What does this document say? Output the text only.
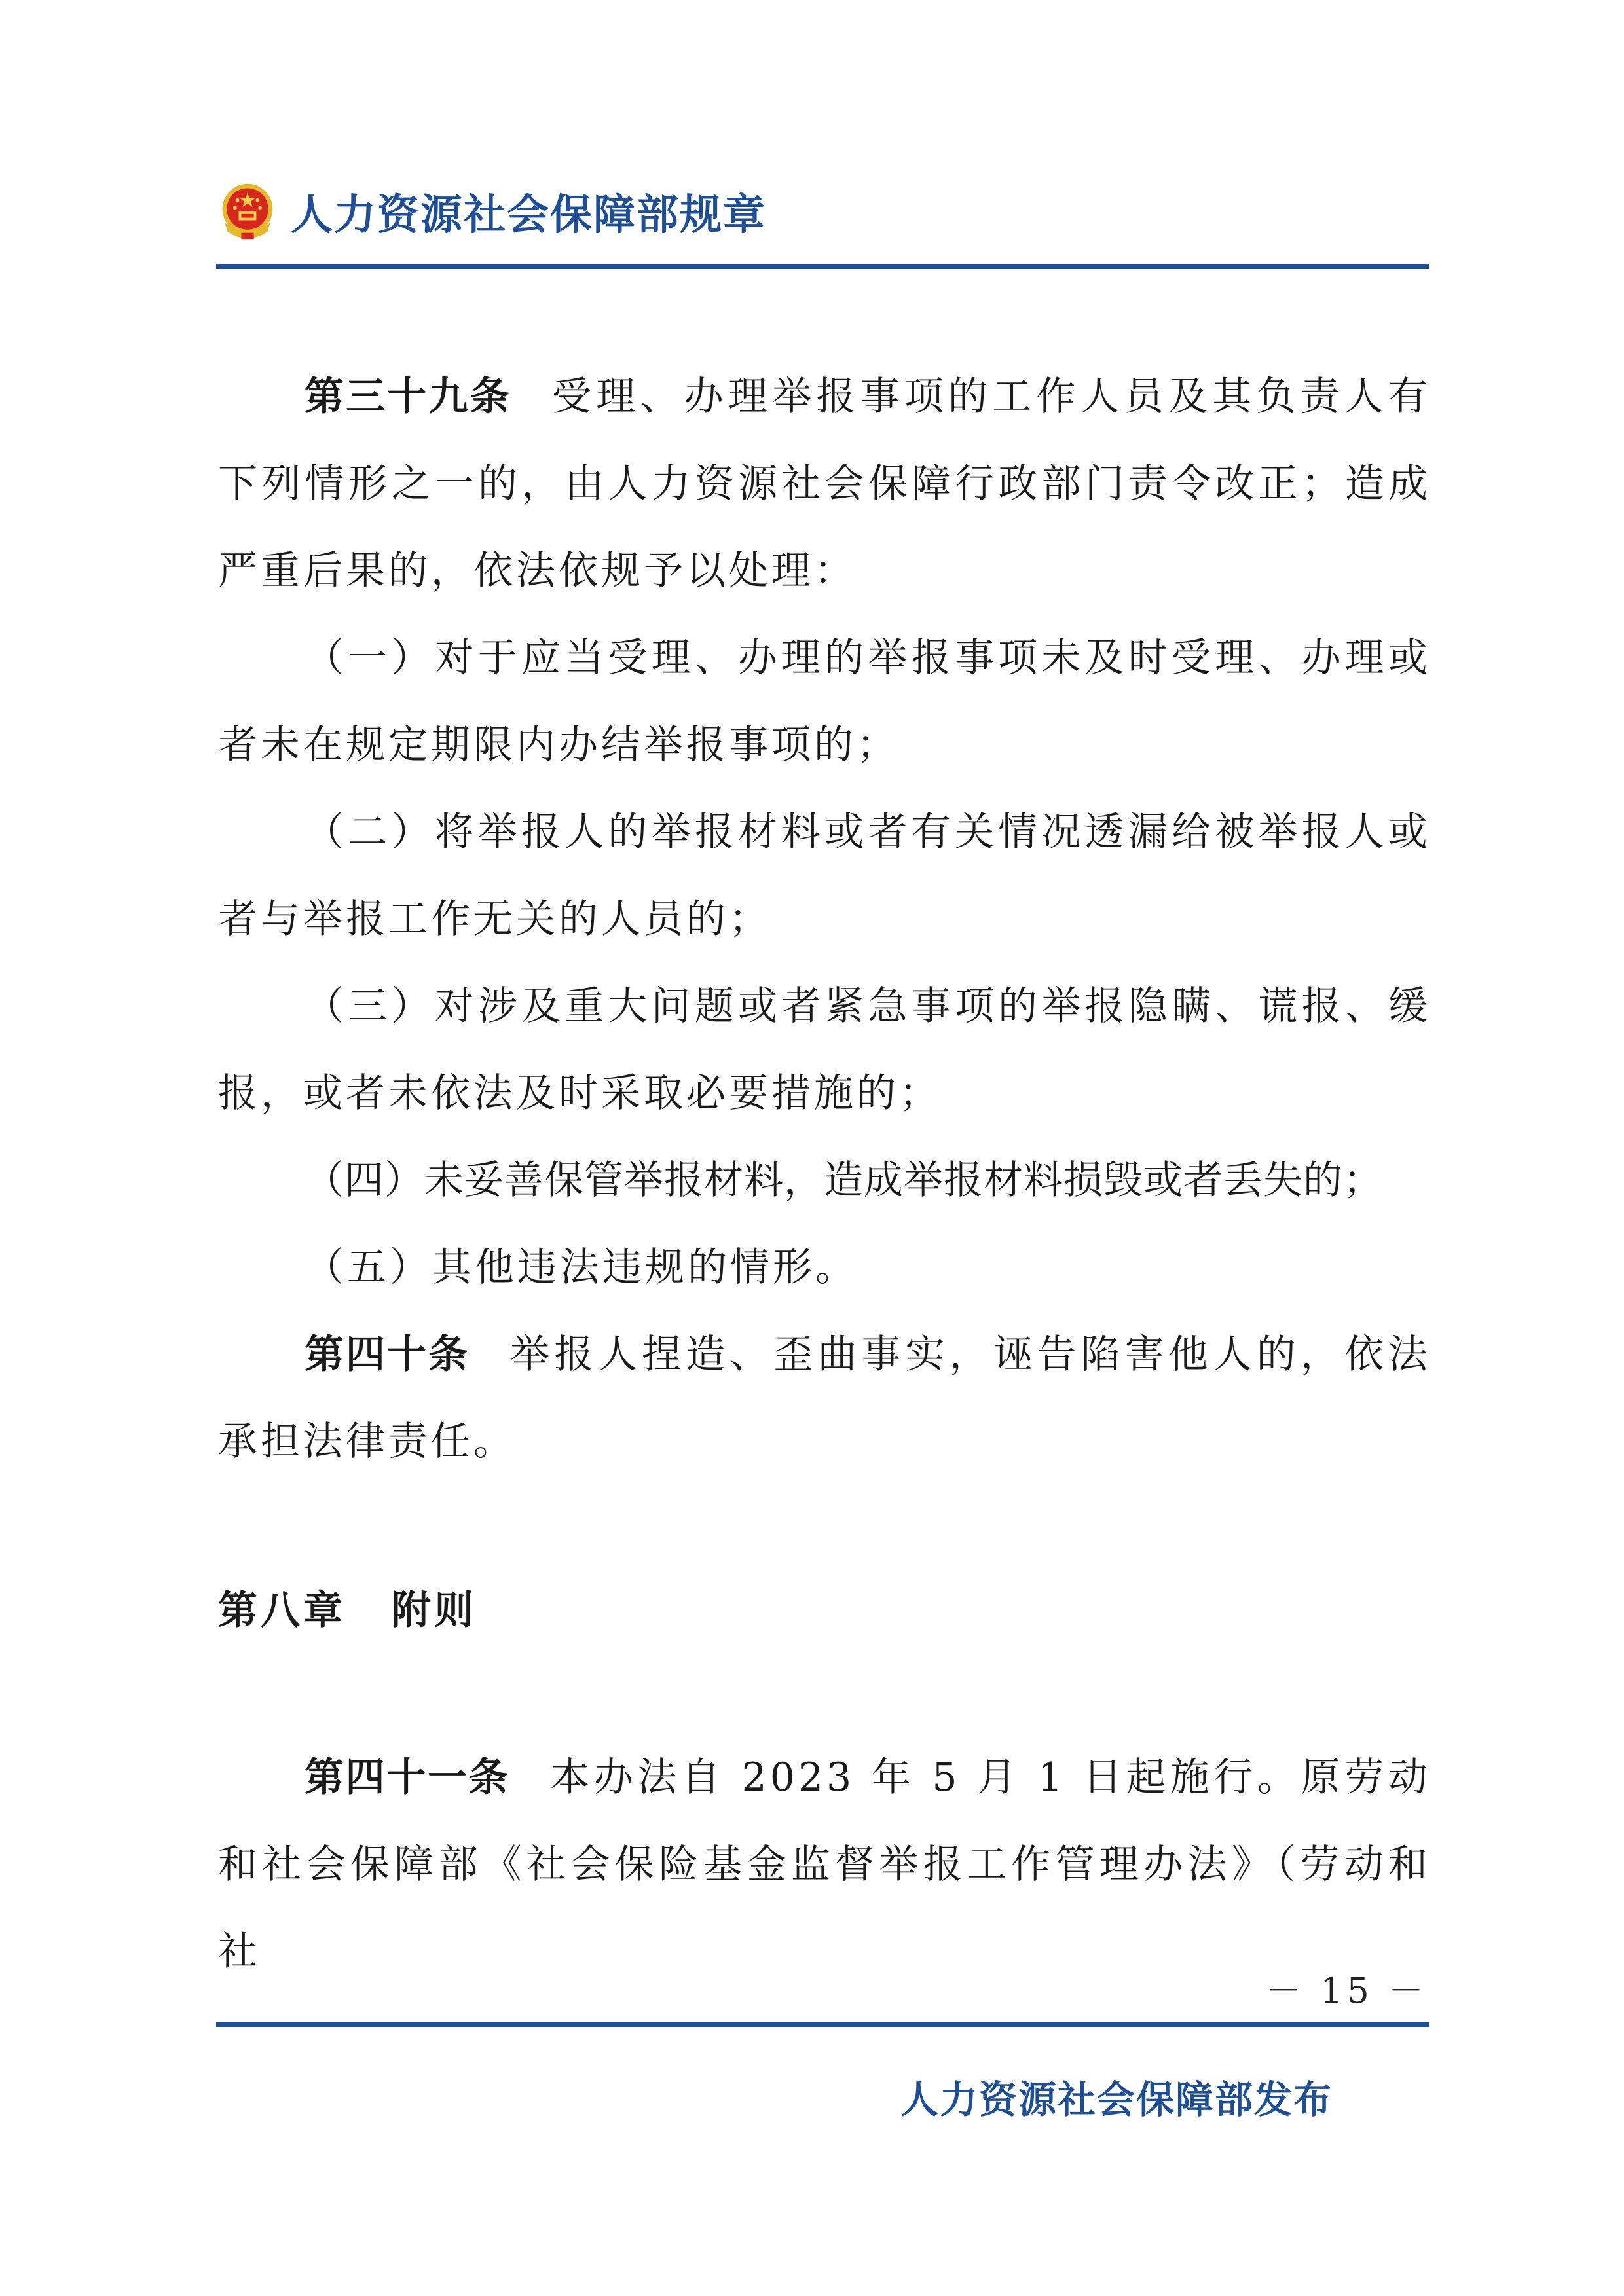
人力资源社会保障部规章

第三十九条 受理、办理举报事项的工作人员及其负责人有下列情形之一的，由人力资源社会保障行政部门责令改正；造成严重后果的，依法依规予以处理：

（一）对于应当受理、办理的举报事项未及时受理、办理或者未在规定期限内办结举报事项的；

（二）将举报人的举报材料或者有关情况透漏给被举报人或者与举报工作无关的人员的；

（三）对涉及重大问题或者紧急事项的举报隐瞒、谎报、缓报，或者未依法及时采取必要措施的；

（四）未妥善保管举报材料，造成举报材料损毁或者丢失的；

（五）其他违法违规的情形。

第四十条 举报人捏造、歪曲事实，诬告陷害他人的，依法承担法律责任。

第八章 附则

第四十一条 本办法自 2023 年 5 月 1 日起施行。原劳动和社会保障部《社会保险基金监督举报工作管理办法》（劳动和社

－ 15 －
人力资源社会保障部发布
